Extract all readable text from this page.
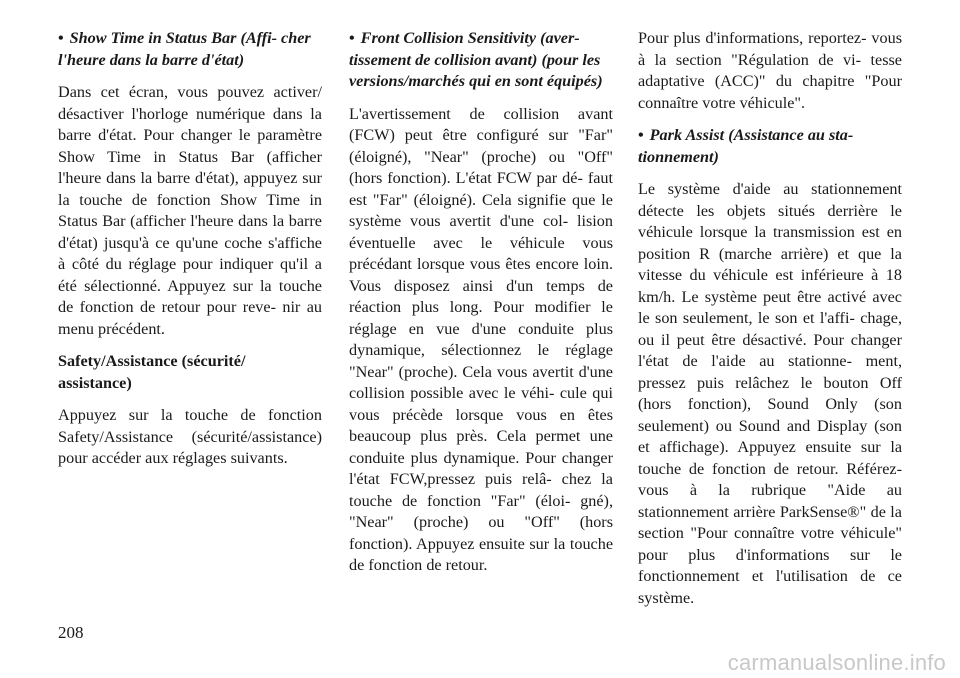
• Show Time in Status Bar (Affi- cher l'heure dans la barre d'état)

Dans cet écran, vous pouvez activer/ désactiver l'horloge numérique dans la barre d'état. Pour changer le paramètre Show Time in Status Bar (afficher l'heure dans la barre d'état), appuyez sur la touche de fonction Show Time in Status Bar (afficher l'heure dans la barre d'état) jusqu'à ce qu'une coche s'affiche à côté du réglage pour indiquer qu'il a été sélectionné. Appuyez sur la touche de fonction de retour pour reve- nir au menu précédent.

Safety/Assistance (sécurité/ assistance)

Appuyez sur la touche de fonction Safety/Assistance (sécurité/assistance) pour accéder aux réglages suivants.

• Front Collision Sensitivity (aver- tissement de collision avant) (pour les versions/marchés qui en sont équipés)

L'avertissement de collision avant (FCW) peut être configuré sur "Far" (éloigné), "Near" (proche) ou "Off" (hors fonction). L'état FCW par dé- faut est "Far" (éloigné). Cela signifie que le système vous avertit d'une col- lision éventuelle avec le véhicule vous précédant lorsque vous êtes encore loin. Vous disposez ainsi d'un temps de réaction plus long. Pour modifier le réglage en vue d'une conduite plus dynamique, sélectionnez le réglage "Near" (proche). Cela vous avertit d'une collision possible avec le véhi- cule qui vous précède lorsque vous en êtes beaucoup plus près. Cela permet une conduite plus dynamique. Pour changer l'état FCW,pressez puis relâ- chez la touche de fonction "Far" (éloi- gné), "Near" (proche) ou "Off" (hors fonction). Appuyez ensuite sur la touche de fonction de retour.

Pour plus d'informations, reportez- vous à la section "Régulation de vi- tesse adaptative (ACC)" du chapitre "Pour connaître votre véhicule".

• Park Assist (Assistance au sta- tionnement)

Le système d'aide au stationnement détecte les objets situés derrière le véhicule lorsque la transmission est en position R (marche arrière) et que la vitesse du véhicule est inférieure à 18 km/h. Le système peut être activé avec le son seulement, le son et l'affi- chage, ou il peut être désactivé. Pour changer l'état de l'aide au stationne- ment, pressez puis relâchez le bouton Off (hors fonction), Sound Only (son seulement) ou Sound and Display (son et affichage). Appuyez ensuite sur la touche de fonction de retour. Référez-vous à la rubrique "Aide au stationnement arrière ParkSense®" de la section "Pour connaître votre véhicule" pour plus d'informations sur le fonctionnement et l'utilisation de ce système.

208
carmanualsonline.info
